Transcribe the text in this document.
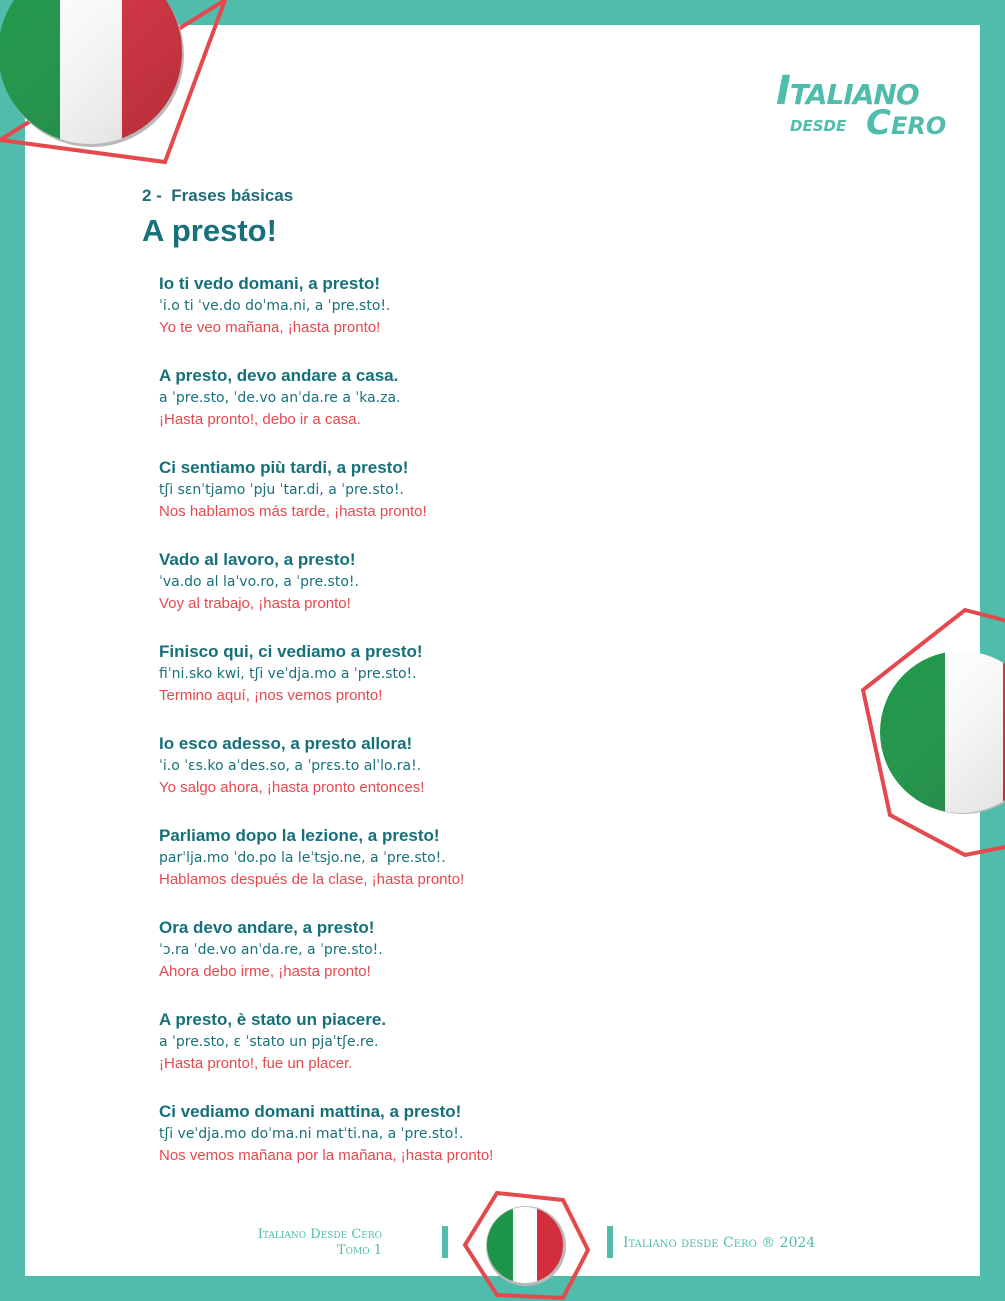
Italiano
desde Cero
2 - Frases básicas
A presto!
Io ti vedo domani, a presto!
ˈi.o ti ˈve.do doˈma.ni, a ˈpre.sto!.
Yo te veo mañana, ¡hasta pronto!
A presto, devo andare a casa.
a ˈpre.sto, ˈde.vo anˈda.re a ˈka.za.
¡Hasta pronto!, debo ir a casa.
Ci sentiamo più tardi, a presto!
tʃi sɛnˈtjamo ˈpju ˈtar.di, a ˈpre.sto!.
Nos hablamos más tarde, ¡hasta pronto!
Vado al lavoro, a presto!
ˈva.do al laˈvo.ro, a ˈpre.sto!.
Voy al trabajo, ¡hasta pronto!
Finisco qui, ci vediamo a presto!
fiˈni.sko kwi, tʃi veˈdja.mo a ˈpre.sto!.
Termino aquí, ¡nos vemos pronto!
Io esco adesso, a presto allora!
ˈi.o ˈɛs.ko aˈdes.so, a ˈprɛs.to alˈlo.ra!.
Yo salgo ahora, ¡hasta pronto entonces!
Parliamo dopo la lezione, a presto!
parˈlja.mo ˈdo.po la leˈtsjo.ne, a ˈpre.sto!.
Hablamos después de la clase, ¡hasta pronto!
Ora devo andare, a presto!
ˈɔ.ra ˈde.vo anˈda.re, a ˈpre.sto!.
Ahora debo irme, ¡hasta pronto!
A presto, è stato un piacere.
a ˈpre.sto, ɛ ˈstato un pjaˈtʃe.re.
¡Hasta pronto!, fue un placer.
Ci vediamo domani mattina, a presto!
tʃi veˈdja.mo doˈma.ni matˈti.na, a ˈpre.sto!.
Nos vemos mañana por la mañana, ¡hasta pronto!
Italiano Desde Cero
Tomo 1	Italiano desde Cero ® 2024
